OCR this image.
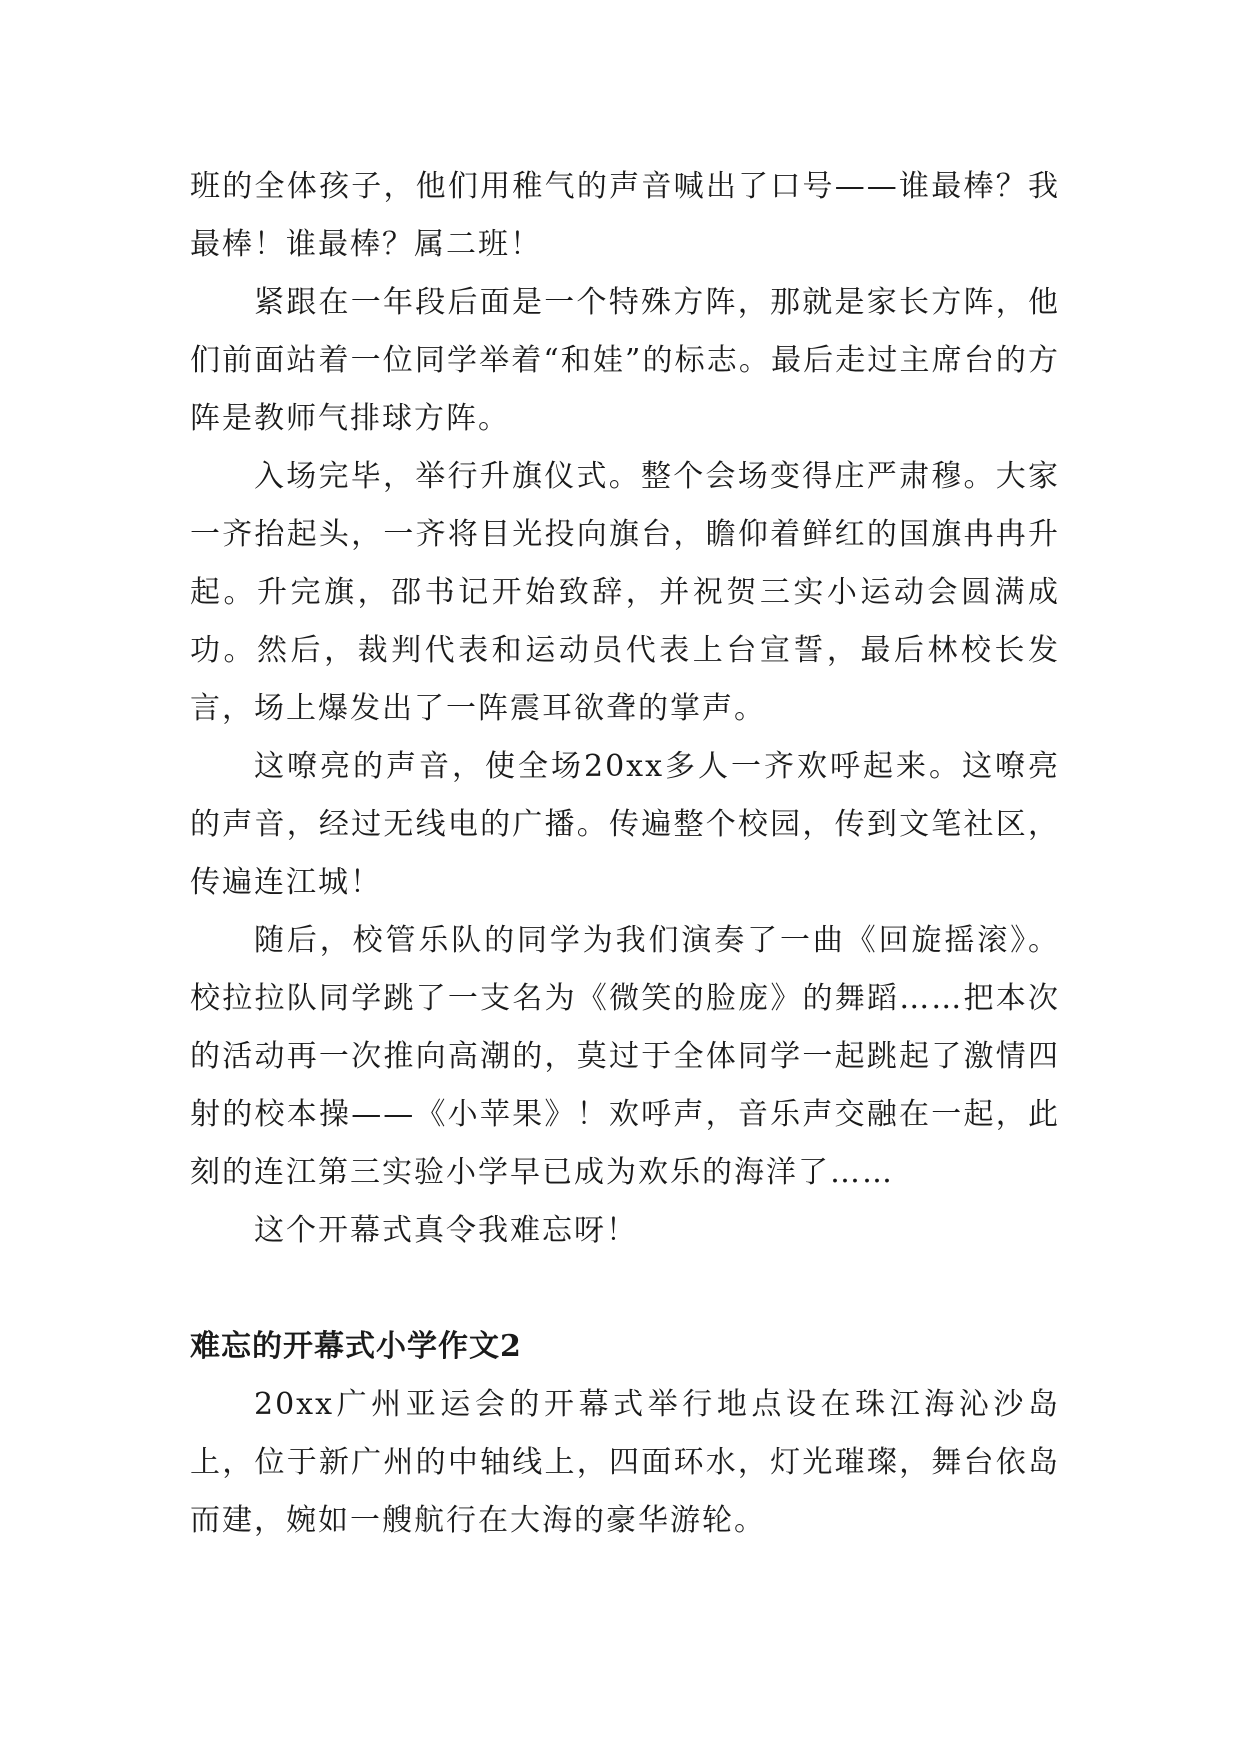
班的全体孩子，他们用稚气的声音喊出了口号——谁最棒？我最棒！谁最棒？属二班！

紧跟在一年段后面是一个特殊方阵，那就是家长方阵，他们前面站着一位同学举着“和娃”的标志。最后走过主席台的方阵是教师气排球方阵。

入场完毕，举行升旗仪式。整个会场变得庄严肃穆。大家一齐抬起头，一齐将目光投向旗台，瞻仰着鲜红的国旗冉冉升起。升完旗，邵书记开始致辞，并祝贺三实小运动会圆满成功。然后，裁判代表和运动员代表上台宣誓，最后林校长发言，场上爆发出了一阵震耳欲聋的掌声。

这嘹亮的声音，使全场20xx多人一齐欢呼起来。这嘹亮的声音，经过无线电的广播。传遍整个校园，传到文笔社区，传遍连江城！

随后，校管乐队的同学为我们演奏了一曲《回旋摇滚》。校拉拉队同学跳了一支名为《微笑的脸庞》的舞蹈……把本次的活动再一次推向高潮的，莫过于全体同学一起跳起了激情四射的校本操——《小苹果》！欢呼声，音乐声交融在一起，此刻的连江第三实验小学早已成为欢乐的海洋了……

这个开幕式真令我难忘呀！

难忘的开幕式小学作文2

20xx广州亚运会的开幕式举行地点设在珠江海沁沙岛上，位于新广州的中轴线上，四面环水，灯光璀璨，舞台依岛而建，婉如一艘航行在大海的豪华游轮。
